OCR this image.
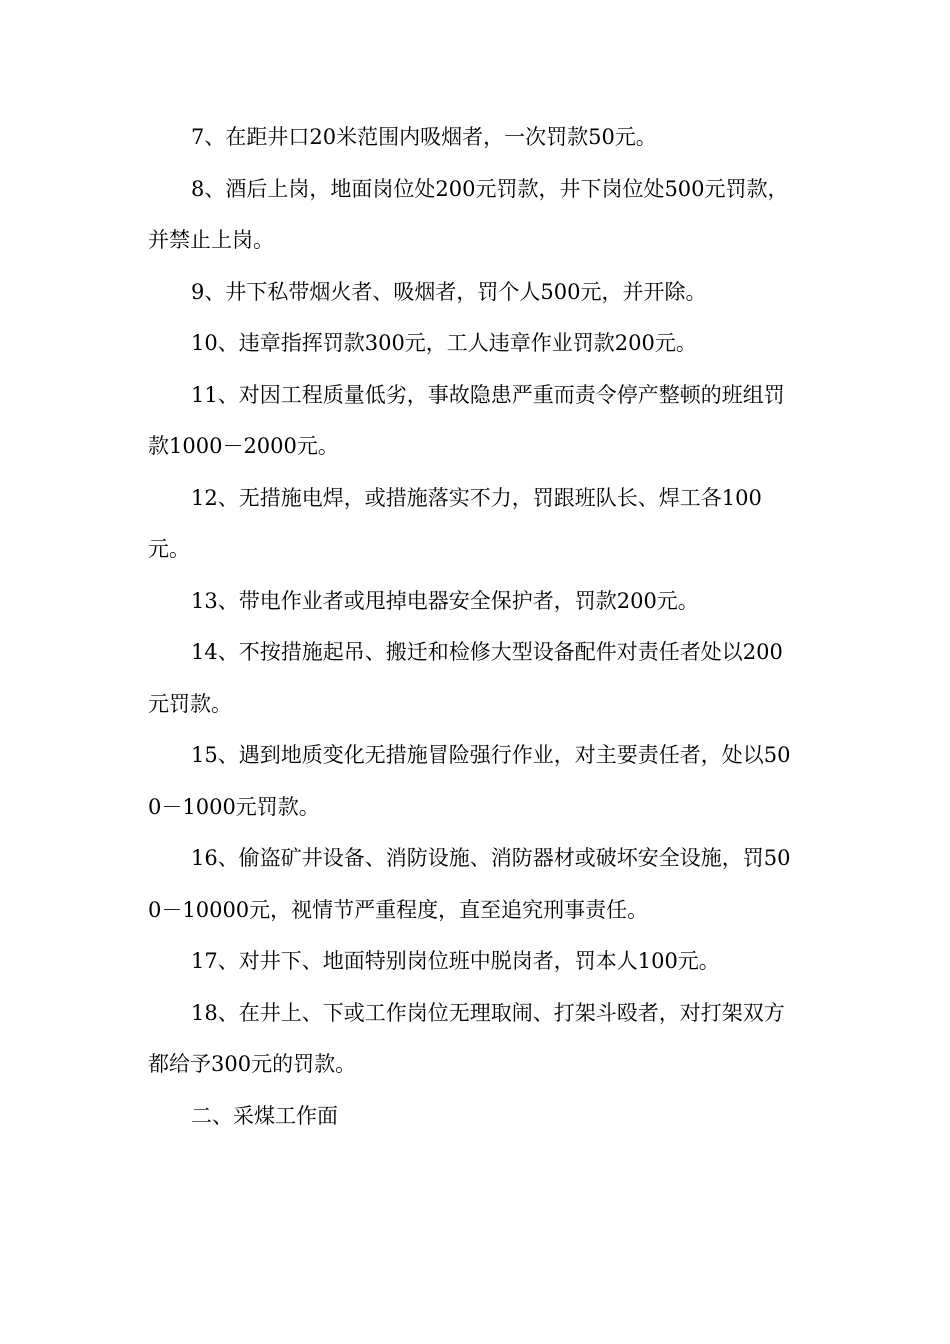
7、在距井口20米范围内吸烟者，一次罚款50元。

8、酒后上岗，地面岗位处200元罚款，井下岗位处500元罚款，并禁止上岗。

9、井下私带烟火者、吸烟者，罚个人500元，并开除。

10、违章指挥罚款300元，工人违章作业罚款200元。

11、对因工程质量低劣，事故隐患严重而责令停产整顿的班组罚款1000－2000元。

12、无措施电焊，或措施落实不力，罚跟班队长、焊工各100元。

13、带电作业者或甩掉电器安全保护者，罚款200元。

14、不按措施起吊、搬迁和检修大型设备配件对责任者处以200元罚款。

15、遇到地质变化无措施冒险强行作业，对主要责任者，处以500－1000元罚款。

16、偷盗矿井设备、消防设施、消防器材或破坏安全设施，罚500－10000元，视情节严重程度，直至追究刑事责任。

17、对井下、地面特别岗位班中脱岗者，罚本人100元。

18、在井上、下或工作岗位无理取闹、打架斗殴者，对打架双方都给予300元的罚款。

二、采煤工作面
